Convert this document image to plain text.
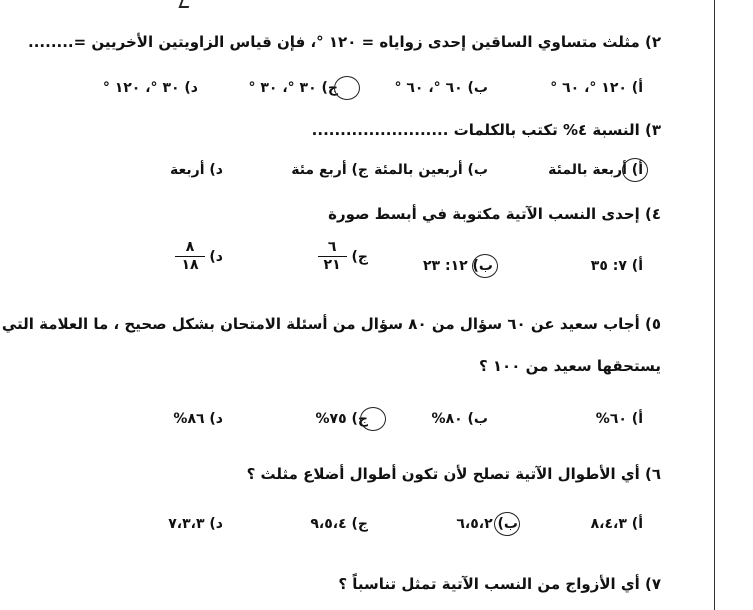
٢) مثلث متساوي الساقين إحدى زواياه = ١٢٠ °، فإن قياس الزاويتين الأخريين =........
أ) ١٢٠ °، ٦٠ °
ب) ٦٠ °، ٦٠ °
ج) ٣٠ °، ٣٠ °
د) ٣٠ °، ١٢٠ °
٣) النسبة ٤% تكتب بالكلمات ........................
أ) أربعة بالمئة
ب) أربعين بالمئة
ج) أربع مئة
د) أربعة
٤) إحدى النسب الآتية مكتوبة في أبسط صورة
أ) ٧: ٣٥
ب) ١٢: ٢٣
ج)
$\frac{٦}{٢١}$
د)
$\frac{٨}{١٨}$
٥) أجاب سعيد عن ٦٠ سؤال من ٨٠ سؤال من أسئلة الامتحان بشكل صحيح ، ما العلامة التي
يستحقها سعيد من ١٠٠ ؟
أ) ٦٠%
ب) ٨٠%
ج) ٧٥%
د) ٨٦%
٦) أي الأطوال الآتية تصلح لأن تكون أطوال أضلاع مثلث ؟
أ) ٨،٤،٣
ب) ٦،٥،٢
ج) ٩،٥،٤
د) ٧،٣،٣
٧) أي الأزواج من النسب الآتية تمثل تناسباً ؟
